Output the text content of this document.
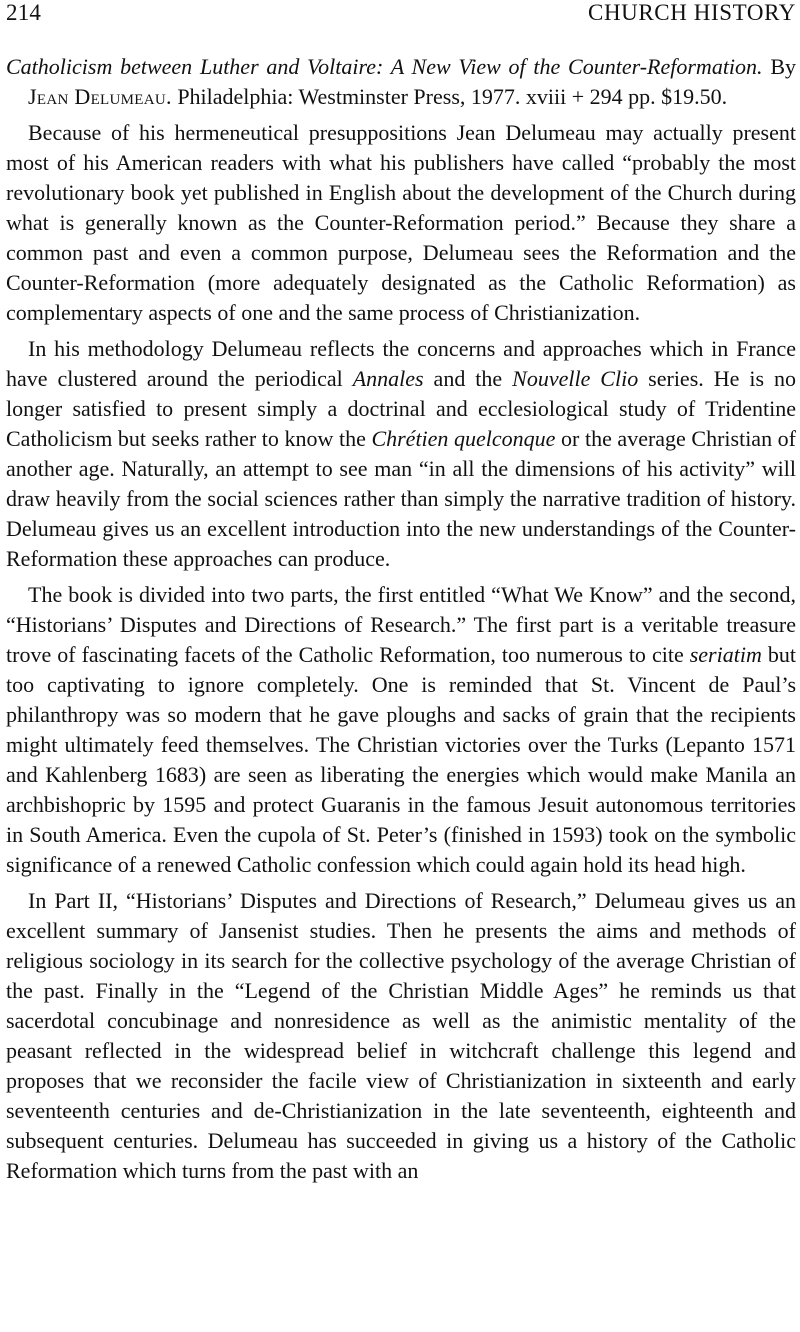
214	CHURCH HISTORY
Catholicism between Luther and Voltaire: A New View of the Counter-Reformation. By Jean Delumeau. Philadelphia: Westminster Press, 1977. xviii + 294 pp. $19.50.

Because of his hermeneutical presuppositions Jean Delumeau may actually present most of his American readers with what his publishers have called “probably the most revolutionary book yet published in English about the development of the Church during what is generally known as the Counter-Reformation period.” Because they share a common past and even a common purpose, Delumeau sees the Reformation and the Counter-Reformation (more adequately designated as the Catholic Reformation) as complementary aspects of one and the same process of Christianization.

In his methodology Delumeau reflects the concerns and approaches which in France have clustered around the periodical Annales and the Nouvelle Clio series. He is no longer satisfied to present simply a doctrinal and ecclesiological study of Tridentine Catholicism but seeks rather to know the Chrétien quelconque or the average Christian of another age. Naturally, an attempt to see man “in all the dimensions of his activity” will draw heavily from the social sciences rather than simply the narrative tradition of history. Delumeau gives us an excellent introduction into the new understandings of the Counter-Reformation these approaches can produce.

The book is divided into two parts, the first entitled “What We Know” and the second, “Historians’ Disputes and Directions of Research.” The first part is a veritable treasure trove of fascinating facets of the Catholic Reformation, too numerous to cite seriatim but too captivating to ignore completely. One is reminded that St. Vincent de Paul’s philanthropy was so modern that he gave ploughs and sacks of grain that the recipients might ultimately feed themselves. The Christian victories over the Turks (Lepanto 1571 and Kahlenberg 1683) are seen as liberating the energies which would make Manila an archbishopric by 1595 and protect Guaranis in the famous Jesuit autonomous territories in South America. Even the cupola of St. Peter’s (finished in 1593) took on the symbolic significance of a renewed Catholic confession which could again hold its head high.

In Part II, “Historians’ Disputes and Directions of Research,” Delumeau gives us an excellent summary of Jansenist studies. Then he presents the aims and methods of religious sociology in its search for the collective psychology of the average Christian of the past. Finally in the “Legend of the Christian Middle Ages” he reminds us that sacerdotal concubinage and nonresidence as well as the animistic mentality of the peasant reflected in the widespread belief in witchcraft challenge this legend and proposes that we reconsider the facile view of Christianization in sixteenth and early seventeenth centuries and de-Christianization in the late seventeenth, eighteenth and subsequent centuries. Delumeau has succeeded in giving us a history of the Catholic Reformation which turns from the past with an
